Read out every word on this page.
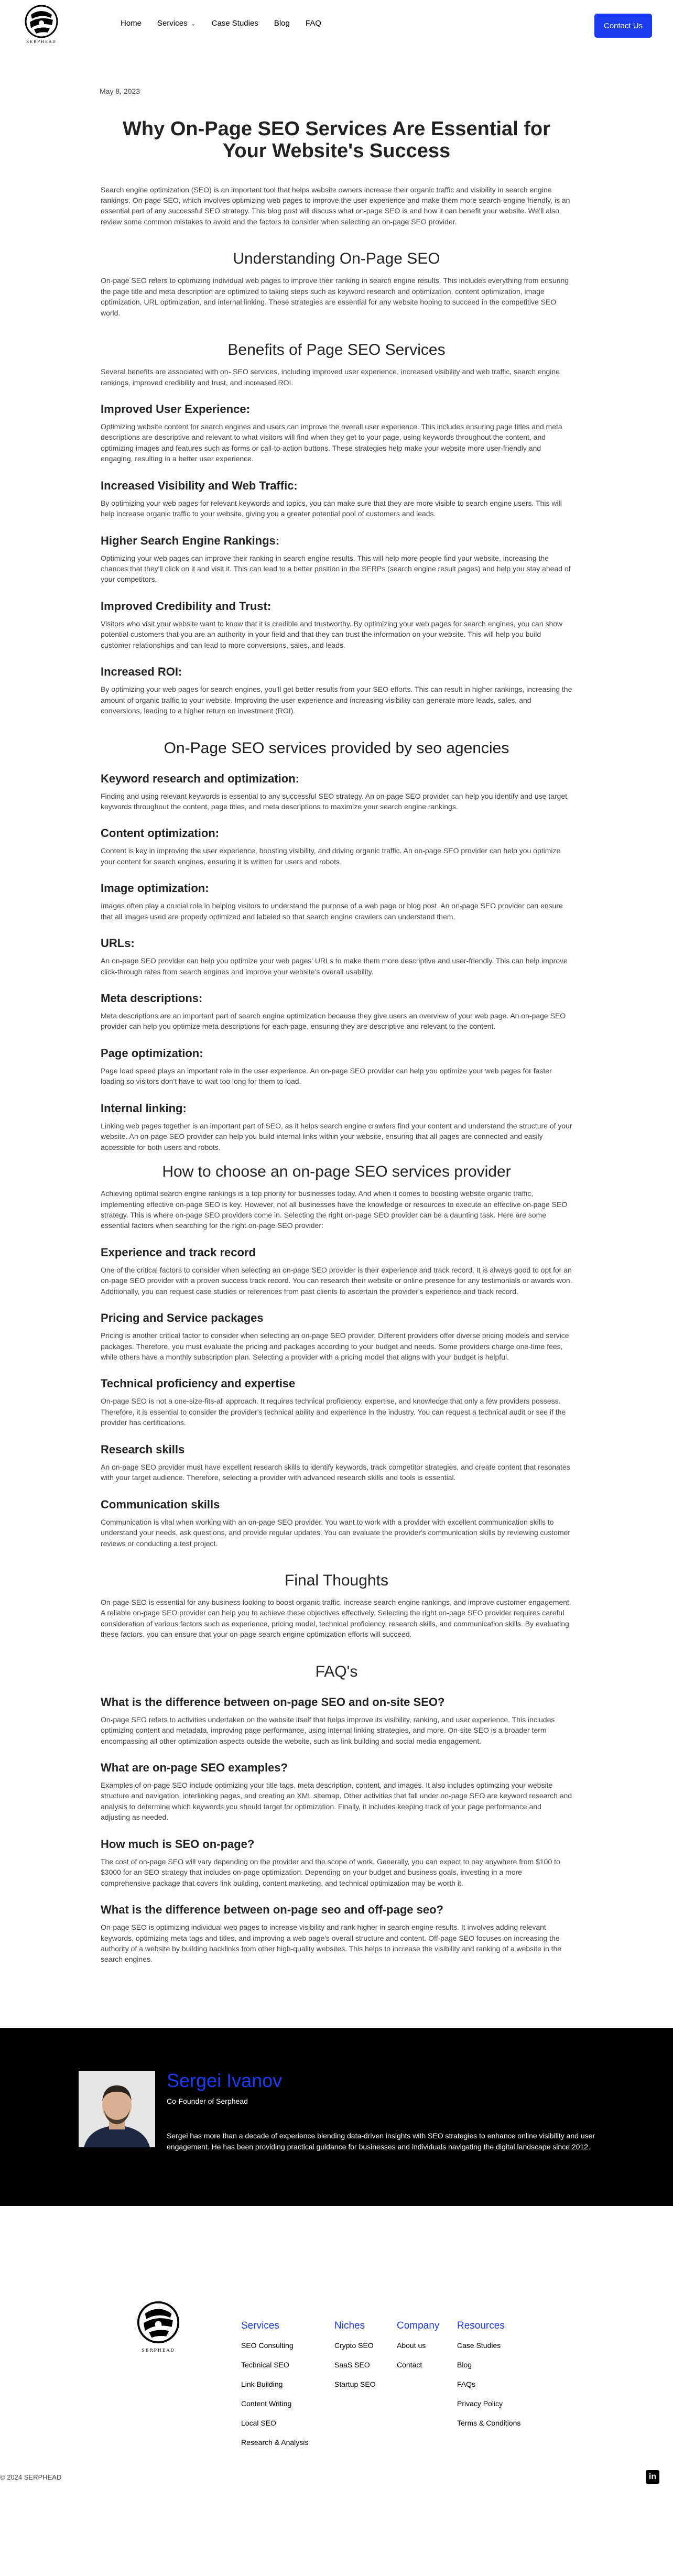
SERPHEAD
Home Services ⌄ Case Studies Blog FAQ	Contact Us
May 8, 2023
Why On-Page SEO Services Are Essential for Your Website's Success

Search engine optimization (SEO) is an important tool that helps website owners increase their organic traffic and visibility in search engine rankings. On-page SEO, which involves optimizing web pages to improve the user experience and make them more search-engine friendly, is an essential part of any successful SEO strategy. This blog post will discuss what on-page SEO is and how it can benefit your website. We'll also review some common mistakes to avoid and the factors to consider when selecting an on-page SEO provider.

Understanding On-Page SEO

On-page SEO refers to optimizing individual web pages to improve their ranking in search engine results. This includes everything from ensuring the page title and meta description are optimized to taking steps such as keyword research and optimization, content optimization, image optimization, URL optimization, and internal linking. These strategies are essential for any website hoping to succeed in the competitive SEO world.

Benefits of Page SEO Services

Several benefits are associated with on- SEO services, including improved user experience, increased visibility and web traffic, search engine rankings, improved credibility and trust, and increased ROI.

Improved User Experience:

Optimizing website content for search engines and users can improve the overall user experience. This includes ensuring page titles and meta descriptions are descriptive and relevant to what visitors will find when they get to your page, using keywords throughout the content, and optimizing images and features such as forms or call-to-action buttons. These strategies help make your website more user-friendly and engaging, resulting in a better user experience.

Increased Visibility and Web Traffic:

By optimizing your web pages for relevant keywords and topics, you can make sure that they are more visible to search engine users. This will help increase organic traffic to your website, giving you a greater potential pool of customers and leads.

Higher Search Engine Rankings:

Optimizing your web pages can improve their ranking in search engine results. This will help more people find your website, increasing the chances that they'll click on it and visit it. This can lead to a better position in the SERPs (search engine result pages) and help you stay ahead of your competitors.

Improved Credibility and Trust:

Visitors who visit your website want to know that it is credible and trustworthy. By optimizing your web pages for search engines, you can show potential customers that you are an authority in your field and that they can trust the information on your website. This will help you build customer relationships and can lead to more conversions, sales, and leads.

Increased ROI:

By optimizing your web pages for search engines, you'll get better results from your SEO efforts. This can result in higher rankings, increasing the amount of organic traffic to your website. Improving the user experience and increasing visibility can generate more leads, sales, and conversions, leading to a higher return on investment (ROI).

On-Page SEO services provided by seo agencies
Keyword research and optimization:

Finding and using relevant keywords is essential to any successful SEO strategy. An on-page SEO provider can help you identify and use target keywords throughout the content, page titles, and meta descriptions to maximize your search engine rankings.

Content optimization:

Content is key in improving the user experience, boosting visibility, and driving organic traffic. An on-page SEO provider can help you optimize your content for search engines, ensuring it is written for users and robots.

Image optimization:

Images often play a crucial role in helping visitors to understand the purpose of a web page or blog post. An on-page SEO provider can ensure that all images used are properly optimized and labeled so that search engine crawlers can understand them.

URLs:

An on-page SEO provider can help you optimize your web pages' URLs to make them more descriptive and user-friendly. This can help improve click-through rates from search engines and improve your website's overall usability.

Meta descriptions:

Meta descriptions are an important part of search engine optimization because they give users an overview of your web page. An on-page SEO provider can help you optimize meta descriptions for each page, ensuring they are descriptive and relevant to the content.

Page optimization:

Page load speed plays an important role in the user experience. An on-page SEO provider can help you optimize your web pages for faster loading so visitors don't have to wait too long for them to load.

Internal linking:

Linking web pages together is an important part of SEO, as it helps search engine crawlers find your content and understand the structure of your website. An on-page SEO provider can help you build internal links within your website, ensuring that all pages are connected and easily accessible for both users and robots.

How to choose an on-page SEO services provider

Achieving optimal search engine rankings is a top priority for businesses today. And when it comes to boosting website organic traffic, implementing effective on-page SEO is key. However, not all businesses have the knowledge or resources to execute an effective on-page SEO strategy. This is where on-page SEO providers come in. Selecting the right on-page SEO provider can be a daunting task. Here are some essential factors when searching for the right on-page SEO provider:

Experience and track record

One of the critical factors to consider when selecting an on-page SEO provider is their experience and track record. It is always good to opt for an on-page SEO provider with a proven success track record. You can research their website or online presence for any testimonials or awards won. Additionally, you can request case studies or references from past clients to ascertain the provider's experience and track record.

Pricing and Service packages

Pricing is another critical factor to consider when selecting an on-page SEO provider. Different providers offer diverse pricing models and service packages. Therefore, you must evaluate the pricing and packages according to your budget and needs. Some providers charge one-time fees, while others have a monthly subscription plan. Selecting a provider with a pricing model that aligns with your budget is helpful.

Technical proficiency and expertise

On-page SEO is not a one-size-fits-all approach. It requires technical proficiency, expertise, and knowledge that only a few providers possess. Therefore, it is essential to consider the provider's technical ability and experience in the industry. You can request a technical audit or see if the provider has certifications.

Research skills

An on-page SEO provider must have excellent research skills to identify keywords, track competitor strategies, and create content that resonates with your target audience. Therefore, selecting a provider with advanced research skills and tools is essential.

Communication skills

Communication is vital when working with an on-page SEO provider. You want to work with a provider with excellent communication skills to understand your needs, ask questions, and provide regular updates. You can evaluate the provider's communication skills by reviewing customer reviews or conducting a test project.

Final Thoughts

On-page SEO is essential for any business looking to boost organic traffic, increase search engine rankings, and improve customer engagement. A reliable on-page SEO provider can help you to achieve these objectives effectively. Selecting the right on-page SEO provider requires careful consideration of various factors such as experience, pricing model, technical proficiency, research skills, and communication skills. By evaluating these factors, you can ensure that your on-page search engine optimization efforts will succeed.

FAQ's
What is the difference between on-page SEO and on-site SEO?

On-page SEO refers to activities undertaken on the website itself that helps improve its visibility, ranking, and user experience. This includes optimizing content and metadata, improving page performance, using internal linking strategies, and more. On-site SEO is a broader term encompassing all other optimization aspects outside the website, such as link building and social media engagement.

What are on-page SEO examples?

Examples of on-page SEO include optimizing your title tags, meta description, content, and images. It also includes optimizing your website structure and navigation, interlinking pages, and creating an XML sitemap. Other activities that fall under on-page SEO are keyword research and analysis to determine which keywords you should target for optimization. Finally, it includes keeping track of your page performance and adjusting as needed.

How much is SEO on-page?

The cost of on-page SEO will vary depending on the provider and the scope of work. Generally, you can expect to pay anywhere from $100 to $3000 for an SEO strategy that includes on-page optimization. Depending on your budget and business goals, investing in a more comprehensive package that covers link building, content marketing, and technical optimization may be worth it.

What is the difference between on-page seo and off-page seo?

On-page SEO is optimizing individual web pages to increase visibility and rank higher in search engine results. It involves adding relevant keywords, optimizing meta tags and titles, and improving a web page's overall structure and content. Off-page SEO focuses on increasing the authority of a website by building backlinks from other high-quality websites. This helps to increase the visibility and ranking of a website in the search engines.

Sergei Ivanov
Co-Founder of Serphead
Sergei has more than a decade of experience blending data-driven insights with SEO strategies to enhance online visibility and user engagement. He has been providing practical guidance for businesses and individuals navigating the digital landscape since 2012.
SERPHEAD
Services
SEO Consulting
Technical SEO
Link Building
Content Writing
Local SEO
Research & Analysis
Niches
Crypto SEO
SaaS SEO
Startup SEO
Company
About us
Contact
Resources
Case Studies
Blog
FAQs
Privacy Policy
Terms & Conditions
© 2024 SERPHEAD	in
